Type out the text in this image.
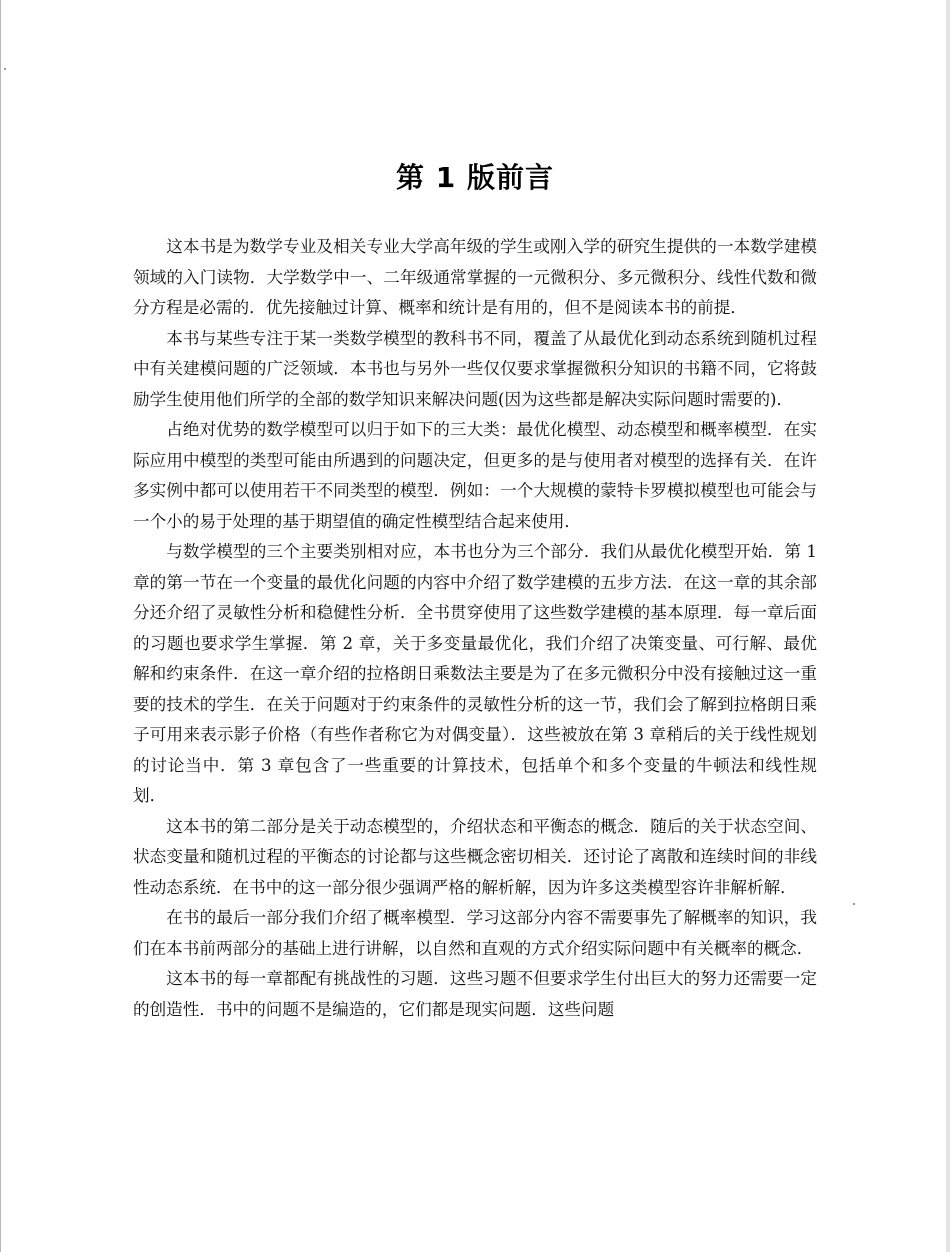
第 1 版前言

这本书是为数学专业及相关专业大学高年级的学生或刚入学的研究生提供的一本数学建模领域的入门读物．大学数学中一、二年级通常掌握的一元微积分、多元微积分、线性代数和微分方程是必需的．优先接触过计算、概率和统计是有用的，但不是阅读本书的前提．

本书与某些专注于某一类数学模型的教科书不同，覆盖了从最优化到动态系统到随机过程中有关建模问题的广泛领域．本书也与另外一些仅仅要求掌握微积分知识的书籍不同，它将鼓励学生使用他们所学的全部的数学知识来解决问题(因为这些都是解决实际问题时需要的)．

占绝对优势的数学模型可以归于如下的三大类：最优化模型、动态模型和概率模型．在实际应用中模型的类型可能由所遇到的问题决定，但更多的是与使用者对模型的选择有关．在许多实例中都可以使用若干不同类型的模型．例如：一个大规模的蒙特卡罗模拟模型也可能会与一个小的易于处理的基于期望值的确定性模型结合起来使用．

与数学模型的三个主要类别相对应，本书也分为三个部分．我们从最优化模型开始．第 1 章的第一节在一个变量的最优化问题的内容中介绍了数学建模的五步方法．在这一章的其余部分还介绍了灵敏性分析和稳健性分析．全书贯穿使用了这些数学建模的基本原理．每一章后面的习题也要求学生掌握．第 2 章，关于多变量最优化，我们介绍了决策变量、可行解、最优解和约束条件．在这一章介绍的拉格朗日乘数法主要是为了在多元微积分中没有接触过这一重要的技术的学生．在关于问题对于约束条件的灵敏性分析的这一节，我们会了解到拉格朗日乘子可用来表示影子价格（有些作者称它为对偶变量）．这些被放在第 3 章稍后的关于线性规划的讨论当中．第 3 章包含了一些重要的计算技术，包括单个和多个变量的牛顿法和线性规划．

这本书的第二部分是关于动态模型的，介绍状态和平衡态的概念．随后的关于状态空间、状态变量和随机过程的平衡态的讨论都与这些概念密切相关．还讨论了离散和连续时间的非线性动态系统．在书中的这一部分很少强调严格的解析解，因为许多这类模型容许非解析解．

在书的最后一部分我们介绍了概率模型．学习这部分内容不需要事先了解概率的知识，我们在本书前两部分的基础上进行讲解，以自然和直观的方式介绍实际问题中有关概率的概念．

这本书的每一章都配有挑战性的习题．这些习题不但要求学生付出巨大的努力还需要一定的创造性．书中的问题不是编造的，它们都是现实问题．这些问题
